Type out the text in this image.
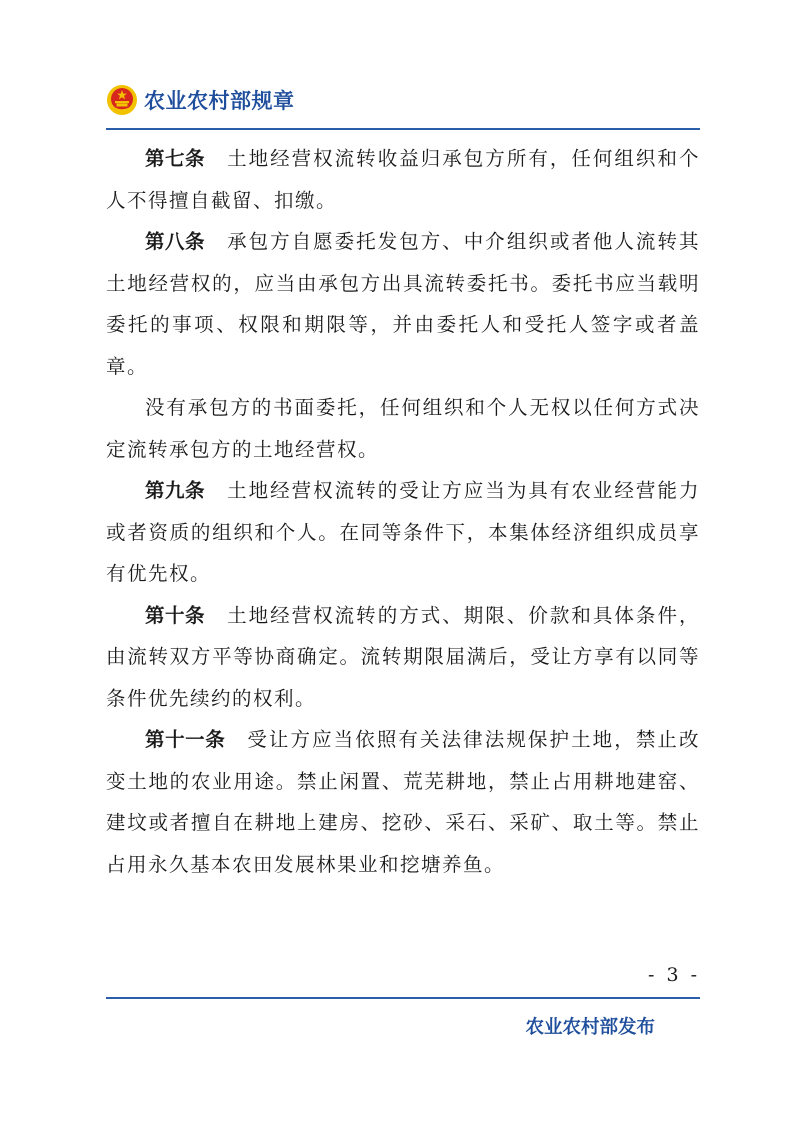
农业农村部规章

第七条 土地经营权流转收益归承包方所有，任何组织和个人不得擅自截留、扣缴。

第八条 承包方自愿委托发包方、中介组织或者他人流转其土地经营权的，应当由承包方出具流转委托书。委托书应当载明委托的事项、权限和期限等，并由委托人和受托人签字或者盖章。

没有承包方的书面委托，任何组织和个人无权以任何方式决定流转承包方的土地经营权。

第九条 土地经营权流转的受让方应当为具有农业经营能力或者资质的组织和个人。在同等条件下，本集体经济组织成员享有优先权。

第十条 土地经营权流转的方式、期限、价款和具体条件，由流转双方平等协商确定。流转期限届满后，受让方享有以同等条件优先续约的权利。

第十一条 受让方应当依照有关法律法规保护土地，禁止改变土地的农业用途。禁止闲置、荒芜耕地，禁止占用耕地建窑、建坟或者擅自在耕地上建房、挖砂、采石、采矿、取土等。禁止占用永久基本农田发展林果业和挖塘养鱼。

- 3 -
农业农村部发布
